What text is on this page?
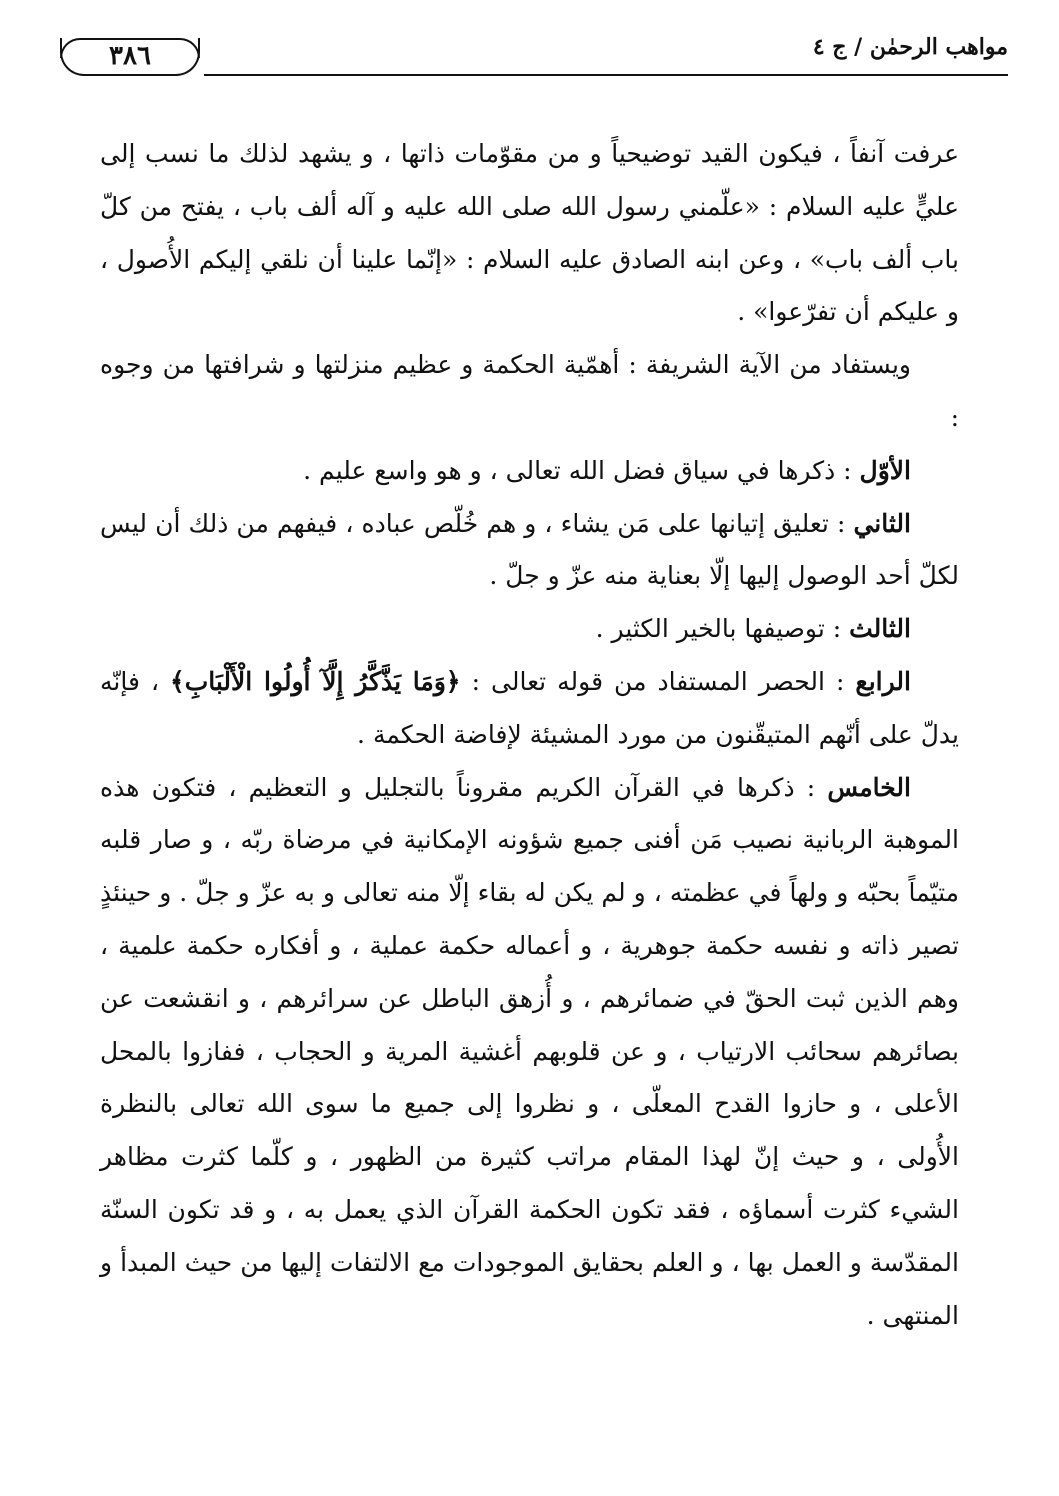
مواهب الرحمٰن / ج ٤
٣٨٦

عرفت آنفاً ، فيكون القيد توضيحياً و من مقوّمات ذاتها ، و يشهد لذلك ما نسب إلى عليٍّ عليه السلام : «علّمني رسول الله صلى الله عليه و آله ألف باب ، يفتح من كلّ باب ألف باب» ، وعن ابنه الصادق عليه السلام : «إنّما علينا أن نلقي إليكم الأُصول ، و عليكم أن تفرّعوا» .

ويستفاد من الآية الشريفة : أهمّية الحكمة و عظيم منزلتها و شرافتها من وجوه :

الأوّل : ذكرها في سياق فضل الله تعالى ، و هو واسع عليم .

الثاني : تعليق إتيانها على مَن يشاء ، و هم خُلّص عباده ، فيفهم من ذلك أن ليس لكلّ أحد الوصول إليها إلّا بعناية منه عزّ و جلّ .

الثالث : توصيفها بالخير الكثير .

الرابع : الحصر المستفاد من قوله تعالى : ﴿وَمَا يَذَّكَّرُ إِلَّآ أُولُوا الْأَلْبَابِ﴾ ، فإنّه يدلّ على أنّهم المتيقّنون من مورد المشيئة لإفاضة الحكمة .

الخامس : ذكرها في القرآن الكريم مقروناً بالتجليل و التعظيم ، فتكون هذه الموهبة الربانية نصيب مَن أفنى جميع شؤونه الإمكانية في مرضاة ربّه ، و صار قلبه متيّماً بحبّه و ولهاً في عظمته ، و لم يكن له بقاء إلّا منه تعالى و به عزّ و جلّ . و حينئذٍ تصير ذاته و نفسه حكمة جوهرية ، و أعماله حكمة عملية ، و أفكاره حكمة علمية ، وهم الذين ثبت الحقّ في ضمائرهم ، و أُزهق الباطل عن سرائرهم ، و انقشعت عن بصائرهم سحائب الارتياب ، و عن قلوبهم أغشية المرية و الحجاب ، ففازوا بالمحل الأعلى ، و حازوا القدح المعلّى ، و نظروا إلى جميع ما سوى الله تعالى بالنظرة الأُولى ، و حيث إنّ لهذا المقام مراتب كثيرة من الظهور ، و كلّما كثرت مظاهر الشيء كثرت أسماؤه ، فقد تكون الحكمة القرآن الذي يعمل به ، و قد تكون السنّة المقدّسة و العمل بها ، و العلم بحقايق الموجودات مع الالتفات إليها من حيث المبدأ و المنتهى .
